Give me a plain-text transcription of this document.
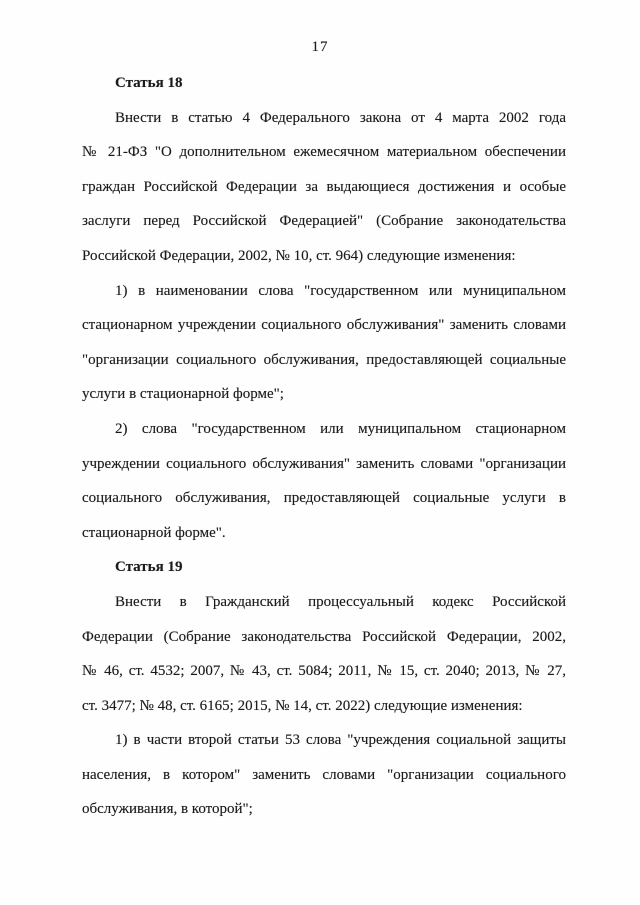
17
Статья 18
Внести в статью 4 Федерального закона от 4 марта 2002 года
№ 21-ФЗ "О дополнительном ежемесячном материальном обеспечении
граждан Российской Федерации за выдающиеся достижения и особые
заслуги перед Российской Федерацией" (Собрание законодательства
Российской Федерации, 2002, № 10, ст. 964) следующие изменения:
1) в наименовании слова "государственном или муниципальном
стационарном учреждении социального обслуживания" заменить словами
"организации социального обслуживания, предоставляющей социальные
услуги в стационарной форме";
2) слова "государственном или муниципальном стационарном
учреждении социального обслуживания" заменить словами "организации
социального обслуживания, предоставляющей социальные услуги в
стационарной форме".
Статья 19
Внести в Гражданский процессуальный кодекс Российской
Федерации (Собрание законодательства Российской Федерации, 2002,
№ 46, ст. 4532; 2007, № 43, ст. 5084; 2011, № 15, ст. 2040; 2013, № 27,
ст. 3477; № 48, ст. 6165; 2015, № 14, ст. 2022) следующие изменения:
1) в части второй статьи 53 слова "учреждения социальной защиты
населения, в котором" заменить словами "организации социального
обслуживания, в которой";
